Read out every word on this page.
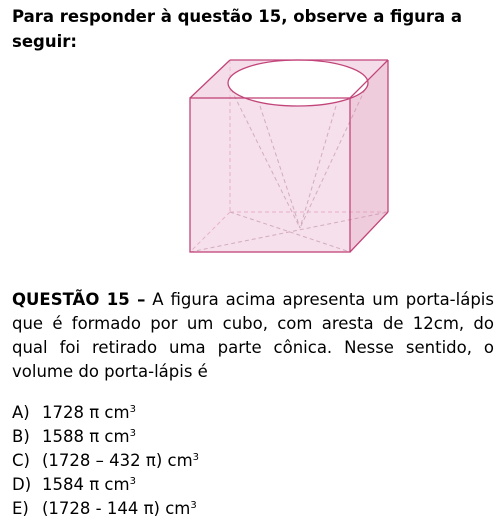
Para responder à questão 15, observe a figura a seguir:

QUESTÃO 15 – A figura acima apresenta um porta-lápis que é formado por um cubo, com aresta de 12cm, do qual foi retirado uma parte cônica. Nesse sentido, o volume do porta-lápis é

A) 1728 π $cm^3$
B) 1588 π $cm^3$
C) (1728 – 432 π) $cm^3$
D) 1584 π $cm^3$
E) (1728 - 144 π) $cm^3$
